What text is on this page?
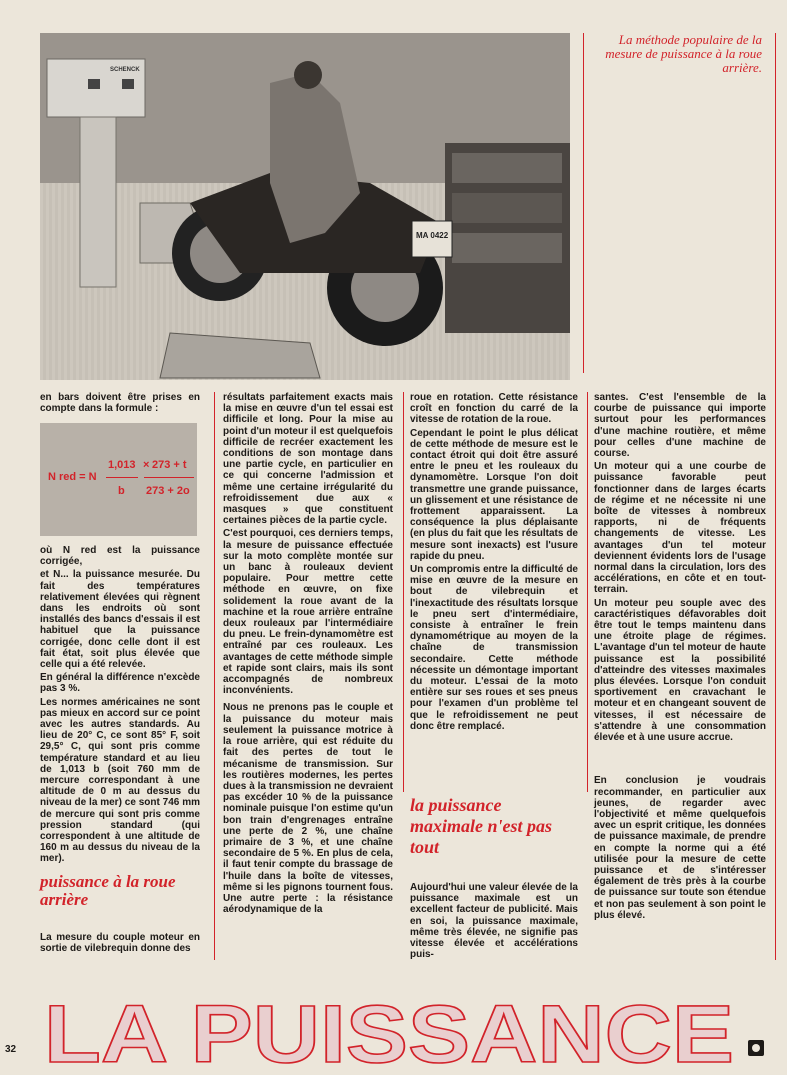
SCHENCK
MA 0422
La méthode populaire de la mesure de puissance à la roue arrière.

en bars doivent être prises en compte dans la formule :

N red = N
1,013
b
× 273 + t
273 + 2o

où N red est la puissance corrigée,

et N... la puissance mesurée. Du fait des températures relativement élevées qui règnent dans les endroits où sont installés des bancs d'essais il est habituel que la puissance corrigée, donc celle dont il est fait état, soit plus élevée que celle qui a été relevée.

En général la différence n'excède pas 3 %.

Les normes américaines ne sont pas mieux en accord sur ce point avec les autres standards. Au lieu de 20° C, ce sont 85° F, soit 29,5° C, qui sont pris comme température standard et au lieu de 1,013 b (soit 760 mm de mercure correspondant à une altitude de 0 m au dessus du niveau de la mer) ce sont 746 mm de mercure qui sont pris comme pression standard (qui correspondent à une altitude de 160 m au dessus du niveau de la mer).

puissance à la roue arrière

La mesure du couple moteur en sortie de vilebrequin donne des

résultats parfaitement exacts mais la mise en œuvre d'un tel essai est difficile et long. Pour la mise au point d'un moteur il est quelquefois difficile de recréer exactement les conditions de son montage dans une partie cycle, en particulier en ce qui concerne l'admission et même une certaine irrégularité du refroidissement due aux « masques » que constituent certaines pièces de la partie cycle.

C'est pourquoi, ces derniers temps, la mesure de puissance effectuée sur la moto complète montée sur un banc à rouleaux devient populaire. Pour mettre cette méthode en œuvre, on fixe solidement la roue avant de la machine et la roue arrière entraîne deux rouleaux par l'intermédiaire du pneu. Le frein-dynamomètre est entraîné par ces rouleaux. Les avantages de cette méthode simple et rapide sont clairs, mais ils sont accompagnés de nombreux inconvénients.

Nous ne prenons pas le couple et la puissance du moteur mais seulement la puissance motrice à la roue arrière, qui est réduite du fait des pertes de tout le mécanisme de transmission. Sur les routières modernes, les pertes dues à la transmission ne devraient pas excéder 10 % de la puissance nominale puisque l'on estime qu'un bon train d'engrenages entraîne une perte de 2 %, une chaîne primaire de 3 %, et une chaîne secondaire de 5 %. En plus de cela, il faut tenir compte du brassage de l'huile dans la boîte de vitesses, même si les pignons tournent fous. Une autre perte : la résistance aérodynamique de la

roue en rotation. Cette résistance croît en fonction du carré de la vitesse de rotation de la roue.

Cependant le point le plus délicat de cette méthode de mesure est le contact étroit qui doit être assuré entre le pneu et les rouleaux du dynamomètre. Lorsque l'on doit transmettre une grande puissance, un glissement et une résistance de frottement apparaissent. La conséquence la plus déplaisante (en plus du fait que les résultats de mesure sont inexacts) est l'usure rapide du pneu.

Un compromis entre la difficulté de mise en œuvre de la mesure en bout de vilebrequin et l'inexactitude des résultats lorsque le pneu sert d'intermédiaire, consiste à entraîner le frein dynamométrique au moyen de la chaîne de transmission secondaire. Cette méthode nécessite un démontage important du moteur. L'essai de la moto entière sur ses roues et ses pneus pour l'examen d'un problème tel que le refroidissement ne peut donc être remplacé.

la puissance maximale n'est pas tout

Aujourd'hui une valeur élevée de la puissance maximale est un excellent facteur de publicité. Mais en soi, la puissance maximale, même très élevée, ne signifie pas vitesse élevée et accélérations puis-

santes. C'est l'ensemble de la courbe de puissance qui importe surtout pour les performances d'une machine routière, et même pour celles d'une machine de course.

Un moteur qui a une courbe de puissance favorable peut fonctionner dans de larges écarts de régime et ne nécessite ni une boîte de vitesses à nombreux rapports, ni de fréquents changements de vitesse. Les avantages d'un tel moteur deviennent évidents lors de l'usage normal dans la circulation, lors des accélérations, en côte et en tout-terrain.

Un moteur peu souple avec des caractéristiques défavorables doit être tout le temps maintenu dans une étroite plage de régimes. L'avantage d'un tel moteur de haute puissance est la possibilité d'atteindre des vitesses maximales plus élevées. Lorsque l'on conduit sportivement en cravachant le moteur et en changeant souvent de vitesses, il est nécessaire de s'attendre à une consommation élevée et à une usure accrue.

En conclusion je voudrais recommander, en particulier aux jeunes, de regarder avec l'objectivité et même quelquefois avec un esprit critique, les données de puissance maximale, de prendre en compte la norme qui a été utilisée pour la mesure de cette puissance et de s'intéresser également de très près à la courbe de puissance sur toute son étendue et non pas seulement à son point le plus élevé.

LA PUISSANCE
32
